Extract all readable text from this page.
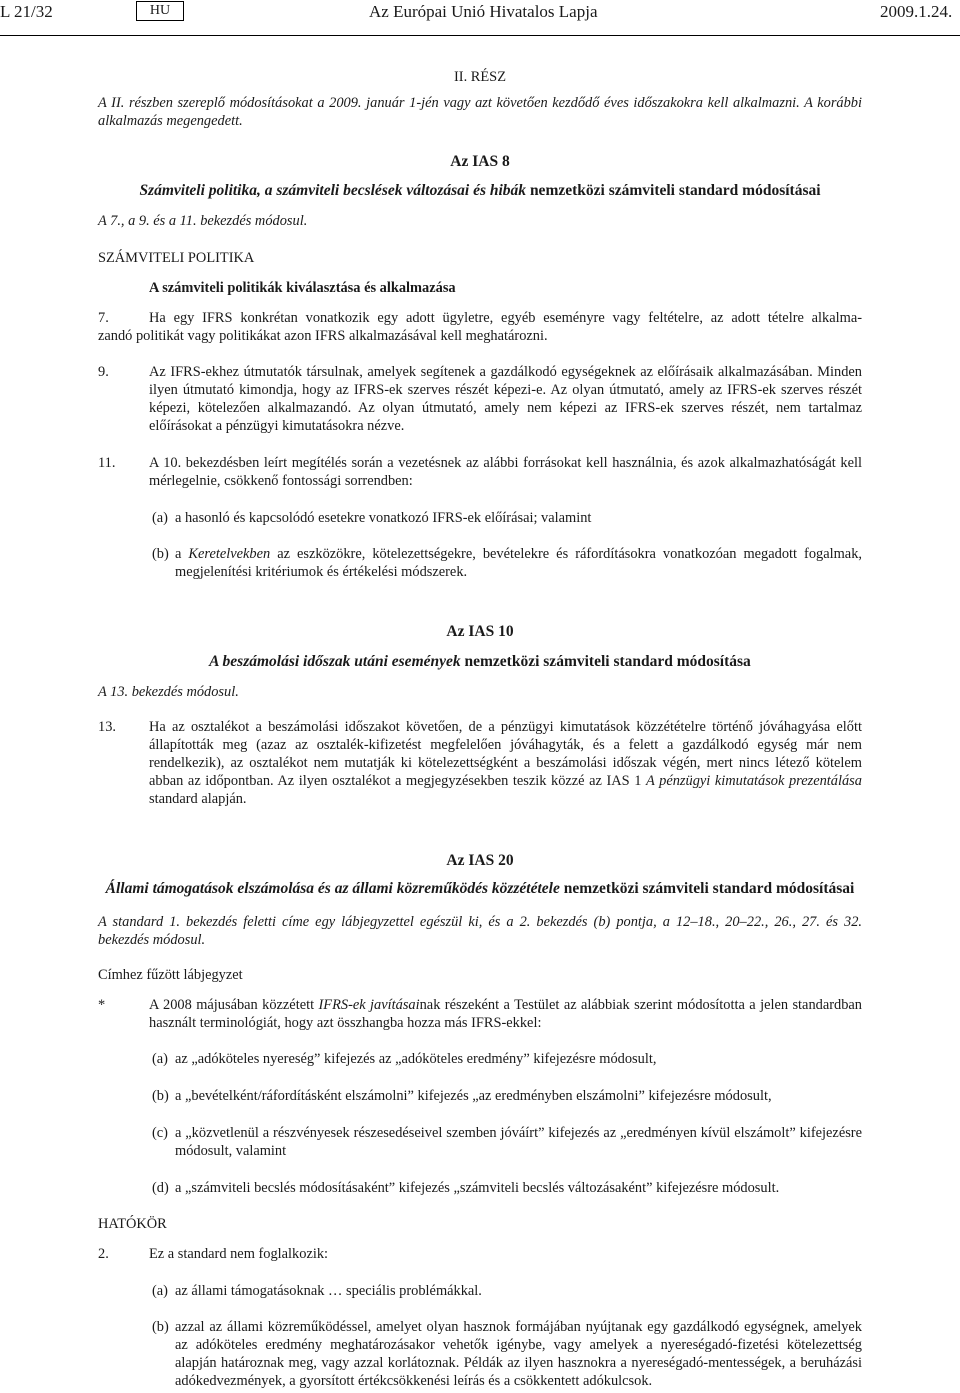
L 21/32	HU	Az Európai Unió Hivatalos Lapja	2009.1.24.
II. RÉSZ
A II. részben szereplő módosításokat a 2009. január 1-jén vagy azt követően kezdődő éves időszakokra kell alkalmazni. A korábbi alkalmazás megengedett.
Az IAS 8
Számviteli politika, a számviteli becslések változásai és hibák nemzetközi számviteli standard módosításai
A 7., a 9. és a 11. bekezdés módosul.
SZÁMVITELI POLITIKA
A számviteli politikák kiválasztása és alkalmazása
7.	Ha egy IFRS konkrétan vonatkozik egy adott ügyletre, egyéb eseményre vagy feltételre, az adott tételre alkalma-
zandó politikát vagy politikákat azon IFRS alkalmazásával kell meghatározni.
9.	Az IFRS-ekhez útmutatók társulnak, amelyek segítenek a gazdálkodó egységeknek az előírásaik alkalmazásában. Minden ilyen útmutató kimondja, hogy az IFRS-ek szerves részét képezi-e. Az olyan útmutató, amely az IFRS-ek szerves részét képezi, kötelezően alkalmazandó. Az olyan útmutató, amely nem képezi az IFRS-ek szerves részét, nem tartalmaz előírásokat a pénzügyi kimutatásokra nézve.
11. A 10. bekezdésben leírt megítélés során a vezetésnek az alábbi forrásokat kell használnia, és azok alkalmazhatóságát kell mérlegelnie, csökkenő fontossági sorrendben:
(a) a hasonló és kapcsolódó esetekre vonatkozó IFRS-ek előírásai; valamint
(b) a Keretelvekben az eszközökre, kötelezettségekre, bevételekre és ráfordításokra vonatkozóan megadott fogalmak, megjelenítési kritériumok és értékelési módszerek.
Az IAS 10
A beszámolási időszak utáni események nemzetközi számviteli standard módosítása
A 13. bekezdés módosul.
13. Ha az osztalékot a beszámolási időszakot követően, de a pénzügyi kimutatások közzétételre történő jóváhagyása előtt állapították meg (azaz az osztalék-kifizetést megfelelően jóváhagyták, és a felett a gazdálkodó egység már nem rendelkezik), az osztalékot nem mutatják ki kötelezettségként a beszámolási időszak végén, mert nincs létező kötelem abban az időpontban. Az ilyen osztalékot a megjegyzésekben teszik közzé az IAS 1 A pénzügyi kimutatások prezentálása standard alapján.
Az IAS 20
Állami támogatások elszámolása és az állami közreműködés közzététele nemzetközi számviteli standard módosításai
A standard 1. bekezdés feletti címe egy lábjegyzettel egészül ki, és a 2. bekezdés (b) pontja, a 12–18., 20–22., 26., 27. és 32. bekezdés módosul.
Címhez fűzött lábjegyzet
*	A 2008 májusában közzétett IFRS-ek javításainak részeként a Testület az alábbiak szerint módosította a jelen standardban használt terminológiát, hogy azt összhangba hozza más IFRS-ekkel:
(a) az „adóköteles nyereség” kifejezés az „adóköteles eredmény” kifejezésre módosult,
(b) a „bevételként/ráfordításként elszámolni” kifejezés „az eredményben elszámolni” kifejezésre módosult,
(c) a „közvetlenül a részvényesek részesedéseivel szemben jóváírt” kifejezés az „eredményen kívül elszámolt” kifejezésre módosult, valamint
(d) a „számviteli becslés módosításaként” kifejezés „számviteli becslés változásaként” kifejezésre módosult.
HATÓKÖR
2.	Ez a standard nem foglalkozik:
(a) az állami támogatásoknak … speciális problémákkal.
(b) azzal az állami közreműködéssel, amelyet olyan hasznok formájában nyújtanak egy gazdálkodó egységnek, amelyek az adóköteles eredmény meghatározásakor vehetők igénybe, vagy amelyek a nyereségadó-fizetési kötelezettség alapján határoznak meg, vagy azzal korlátoznak. Példák az ilyen hasznokra a nyereségadó-mentességek, a beruházási adókedvezmények, a gyorsított értékcsökkenési leírás és a csökkentett adókulcsok.
